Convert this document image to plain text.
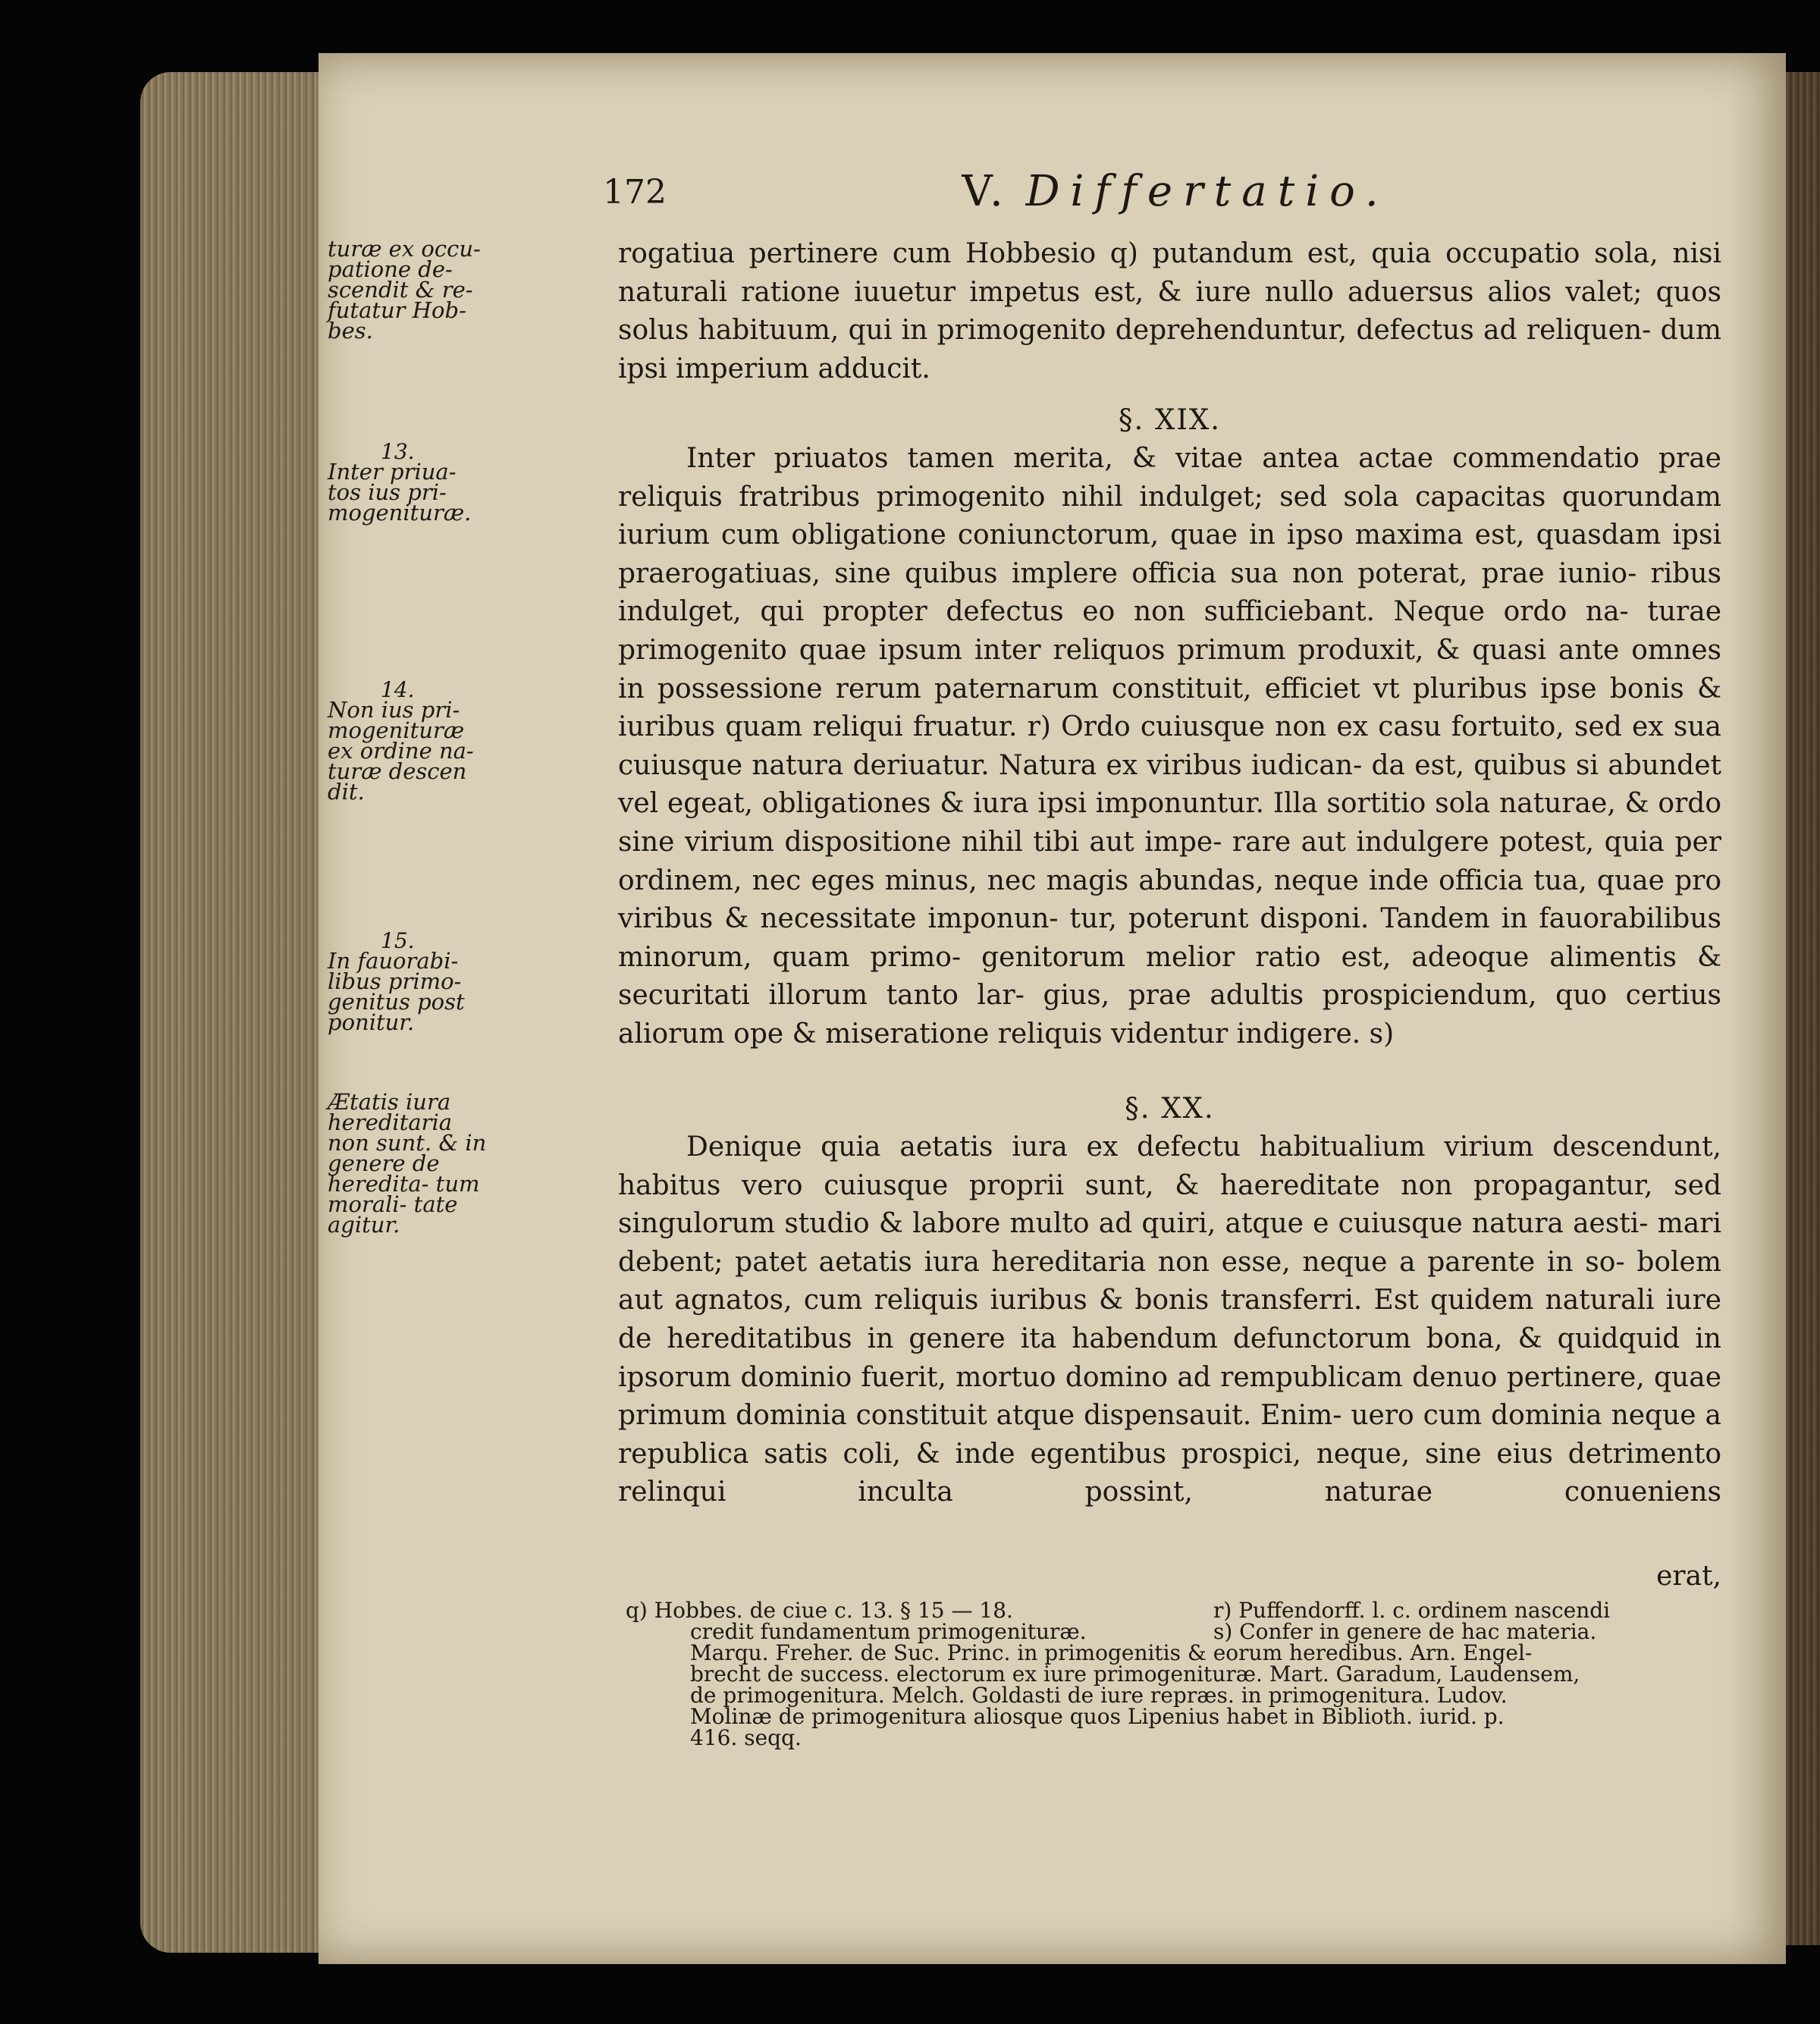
172	V. Differtatio.
rogatiua pertinere cum Hobbesio q) putandum est, quia occupatio sola, nisi naturali ratione iuuetur impetus est, & iure nullo aduersus alios valet; quos solus habituum, qui in primogenito deprehenduntur, defectus ad reliquen- dum ipsi imperium adducit.
§. XIX.
Inter priuatos tamen merita, & vitae antea actae commendatio prae reliquis fratribus primogenito nihil indulget; sed sola capacitas quorundam iurium cum obligatione coniunctorum, quae in ipso maxima est, quasdam ipsi praerogatiuas, sine quibus implere officia sua non poterat, prae iunio- ribus indulget, qui propter defectus eo non sufficiebant. Neque ordo na- turae primogenito quae ipsum inter reliquos primum produxit, & quasi ante omnes in possessione rerum paternarum constituit, efficiet vt pluribus ipse bonis & iuribus quam reliqui fruatur. r) Ordo cuiusque non ex casu fortuito, sed ex sua cuiusque natura deriuatur. Natura ex viribus iudican- da est, quibus si abundet vel egeat, obligationes & iura ipsi imponuntur. Illa sortitio sola naturae, & ordo sine virium dispositione nihil tibi aut impe- rare aut indulgere potest, quia per ordinem, nec eges minus, nec magis abundas, neque inde officia tua, quae pro viribus & necessitate imponun- tur, poterunt disponi. Tandem in fauorabilibus minorum, quam primo- genitorum melior ratio est, adeoque alimentis & securitati illorum tanto lar- gius, prae adultis prospiciendum, quo certius aliorum ope & miseratione reliquis videntur indigere. s)
§. XX.
Denique quia aetatis iura ex defectu habitualium virium descendunt, habitus vero cuiusque proprii sunt, & haereditate non propagantur, sed singulorum studio & labore multo ad quiri, atque e cuiusque natura aesti- mari debent; patet aetatis iura hereditaria non esse, neque a parente in so- bolem aut agnatos, cum reliquis iuribus & bonis transferri. Est quidem naturali iure de hereditatibus in genere ita habendum defunctorum bona, & quidquid in ipsorum dominio fuerit, mortuo domino ad rempublicam denuo pertinere, quae primum dominia constituit atque dispensauit. Enim- uero cum dominia neque a republica satis coli, & inde egentibus prospici, neque, sine eius detrimento relinqui inculta possint, naturae conueniens
erat,
turæ ex occu- patione de- scendit & re- futatur Hob- bes.
13.
Inter priua- tos ius pri- mogenituræ.
14.
Non ius pri- mogenituræ ex ordine na- turæ descen dit.
15.
In fauorabi- libus primo- genitus post ponitur.
Ætatis iura hereditaria non sunt. & in genere de heredita- tum morali- tate agitur.
q) Hobbes. de ciue c. 13. § 15 — 18.	r) Puffendorff. l. c. ordinem nascendi
credit fundamentum primogenituræ.	s) Confer in genere de hac materia.
Marqu. Freher. de Suc. Princ. in primogenitis & eorum heredibus. Arn. Engel-
brecht de success. electorum ex iure primogenituræ. Mart. Garadum, Laudensem,
de primogenitura. Melch. Goldasti de iure repræs. in primogenitura. Ludov.
Molinæ de primogenitura aliosque quos Lipenius habet in Biblioth. iurid. p.
416. seqq.
